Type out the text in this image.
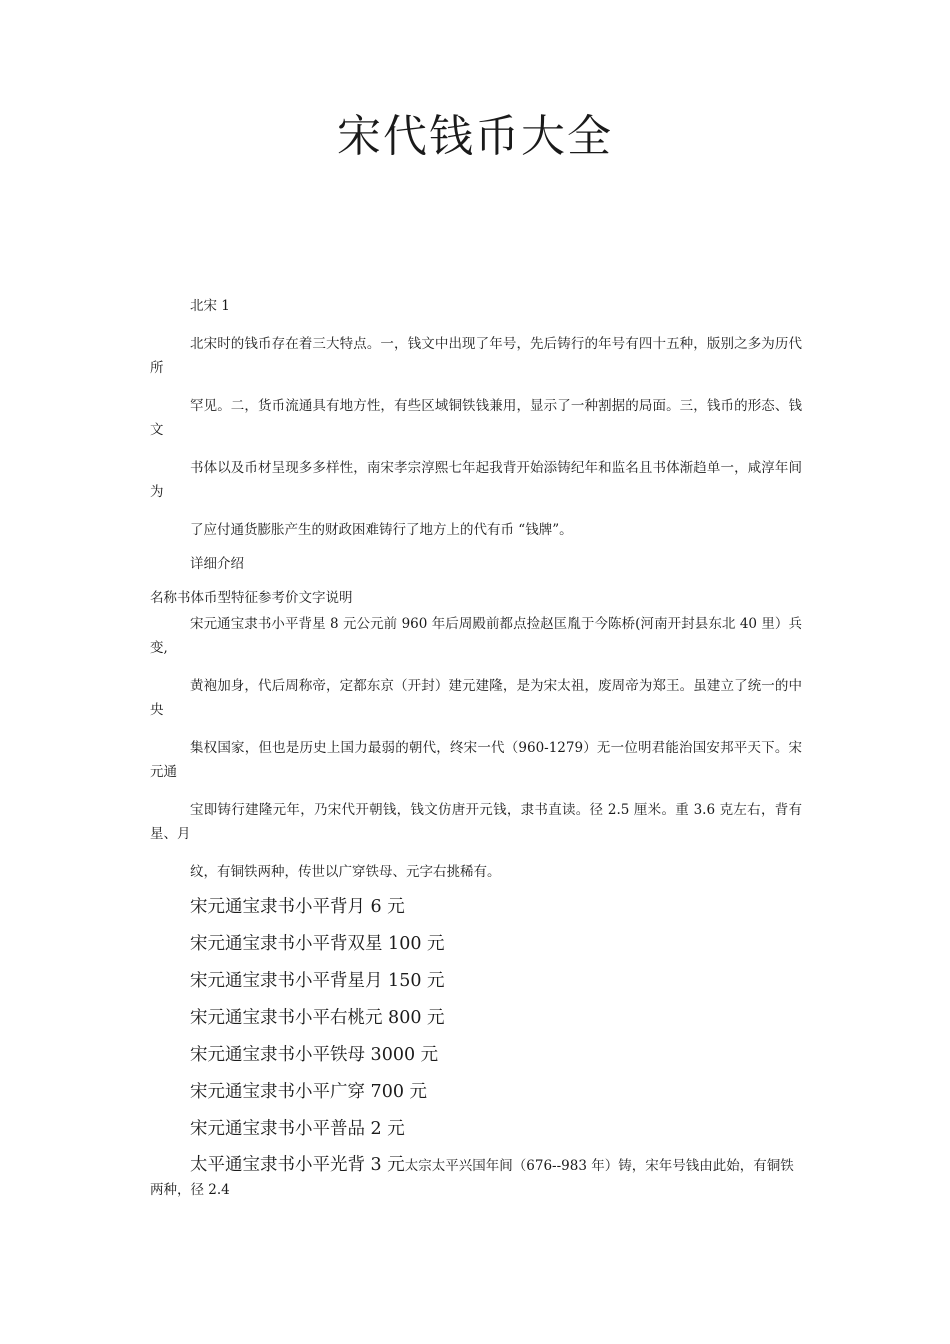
宋代钱币大全

北宋 1

北宋时的钱币存在着三大特点。一，钱文中出现了年号，先后铸行的年号有四十五种，版别之多为历代所

罕见。二，货币流通具有地方性，有些区域铜铁钱兼用，显示了一种割据的局面。三，钱币的形态、钱文

书体以及币材呈现多多样性，南宋孝宗淳熙七年起我背开始添铸纪年和监名且书体渐趋单一，咸淳年间为

了应付通货膨胀产生的财政困难铸行了地方上的代有币 “钱牌”。

详细介绍

名称书体币型特征参考价文字说明

宋元通宝隶书小平背星 8 元公元前 960 年后周殿前都点捡赵匡胤于今陈桥(河南开封县东北 40 里）兵变,

黄袍加身，代后周称帝，定都东京（开封）建元建隆，是为宋太祖，废周帝为郑王。虽建立了统一的中央

集权国家，但也是历史上国力最弱的朝代，终宋一代（960-1279）无一位明君能治国安邦平天下。宋元通

宝即铸行建隆元年，乃宋代开朝钱，钱文仿唐开元钱，隶书直读。径 2.5 厘米。重 3.6 克左右，背有星、月

纹，有铜铁两种，传世以广穿铁母、元字右挑稀有。

宋元通宝隶书小平背月 6 元

宋元通宝隶书小平背双星 100 元

宋元通宝隶书小平背星月 150 元

宋元通宝隶书小平右桃元 800 元

宋元通宝隶书小平铁母 3000 元

宋元通宝隶书小平广穿 700 元

宋元通宝隶书小平普品 2 元

太平通宝隶书小平光背 3 元太宗太平兴国年间（676--983 年）铸，宋年号钱由此始，有铜铁两种，径 2.4
